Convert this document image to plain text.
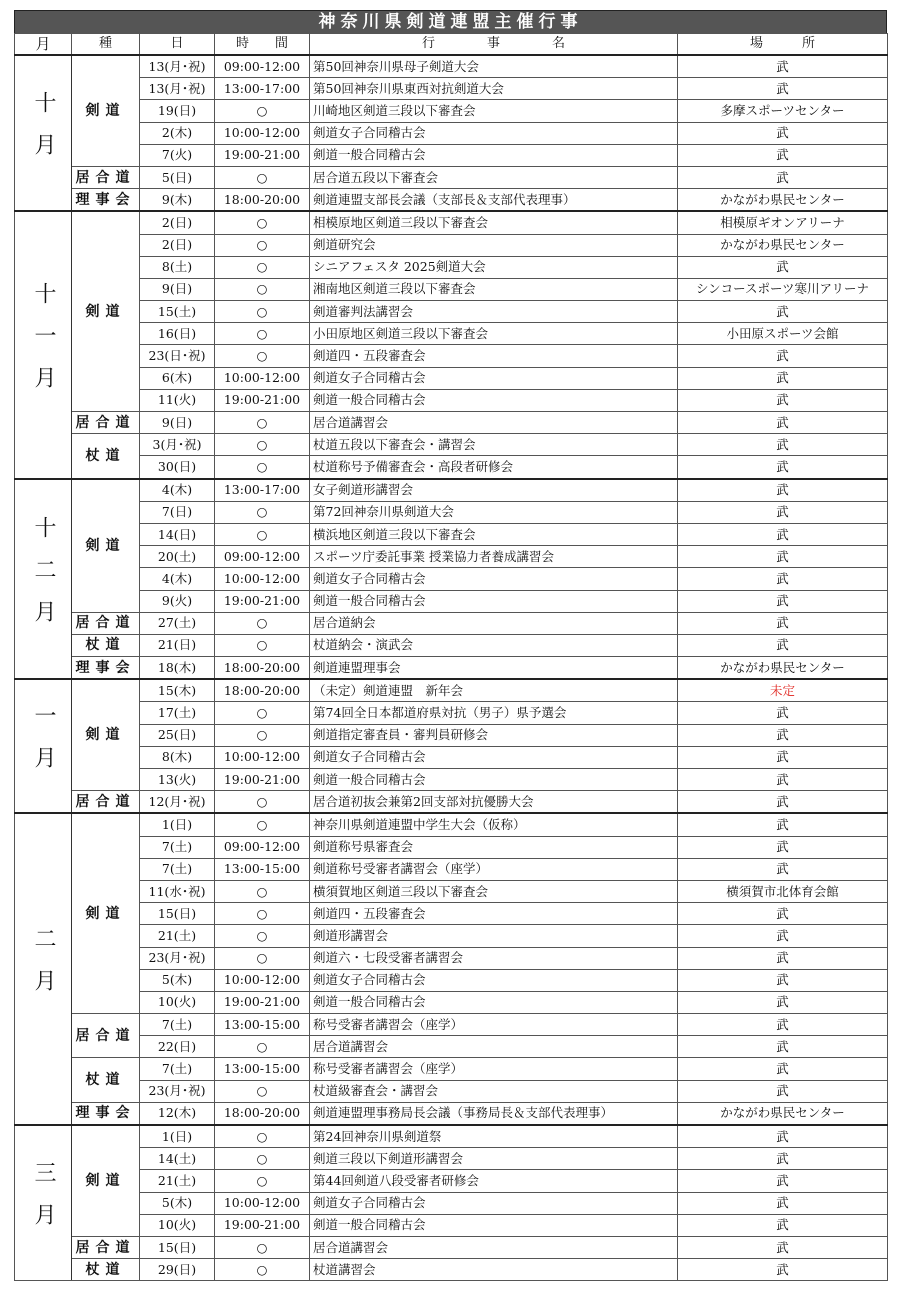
神奈川県剣道連盟主催行事
月	種	日	時　　間	行　　　　事　　　　名	場　　　所

十月	剣道	13(月･祝)	09:00-12:00	第50回神奈川県母子剣道大会	武
		13(月･祝)	13:00-17:00	第50回神奈川県東西対抗剣道大会	武
		19(日)	○	川崎地区剣道三段以下審査会	多摩スポーツセンター
		2(木)	10:00-12:00	剣道女子合同稽古会	武
		7(火)	19:00-21:00	剣道一般合同稽古会	武
	居合道	5(日)	○	居合道五段以下審査会	武
	理事会	9(木)	18:00-20:00	剣道連盟支部長会議（支部長＆支部代表理事）	かながわ県民センター

十一月	剣道	2(日)	○	相模原地区剣道三段以下審査会	相模原ギオンアリーナ
		2(日)	○	剣道研究会	かながわ県民センター
		8(土)	○	シニアフェスタ 2025剣道大会	武
		9(日)	○	湘南地区剣道三段以下審査会	シンコースポーツ寒川アリーナ
		15(土)	○	剣道審判法講習会	武
		16(日)	○	小田原地区剣道三段以下審査会	小田原スポーツ会館
		23(日･祝)	○	剣道四・五段審査会	武
		6(木)	10:00-12:00	剣道女子合同稽古会	武
		11(火)	19:00-21:00	剣道一般合同稽古会	武
	居合道	9(日)	○	居合道講習会	武
	杖道	3(月･祝)	○	杖道五段以下審査会・講習会	武
		30(日)	○	杖道称号予備審査会・高段者研修会	武

十二月	剣道	4(木)	13:00-17:00	女子剣道形講習会	武
		7(日)	○	第72回神奈川県剣道大会	武
		14(日)	○	横浜地区剣道三段以下審査会	武
		20(土)	09:00-12:00	スポーツ庁委託事業 授業協力者養成講習会	武
		4(木)	10:00-12:00	剣道女子合同稽古会	武
		9(火)	19:00-21:00	剣道一般合同稽古会	武
	居合道	27(土)	○	居合道納会	武
	杖道	21(日)	○	杖道納会・演武会	武
	理事会	18(木)	18:00-20:00	剣道連盟理事会	かながわ県民センター

一月	剣道	15(木)	18:00-20:00	（未定）剣道連盟　新年会	未定
		17(土)	○	第74回全日本都道府県対抗（男子）県予選会	武
		25(日)	○	剣道指定審査員・審判員研修会	武
		8(木)	10:00-12:00	剣道女子合同稽古会	武
		13(火)	19:00-21:00	剣道一般合同稽古会	武
	居合道	12(月･祝)	○	居合道初抜会兼第2回支部対抗優勝大会	武

二月	剣道	1(日)	○	神奈川県剣道連盟中学生大会（仮称）	武
		7(土)	09:00-12:00	剣道称号県審査会	武
		7(土)	13:00-15:00	剣道称号受審者講習会（座学）	武
		11(水･祝)	○	横須賀地区剣道三段以下審査会	横須賀市北体育会館
		15(日)	○	剣道四・五段審査会	武
		21(土)	○	剣道形講習会	武
		23(月･祝)	○	剣道六・七段受審者講習会	武
		5(木)	10:00-12:00	剣道女子合同稽古会	武
		10(火)	19:00-21:00	剣道一般合同稽古会	武
	居合道	7(土)	13:00-15:00	称号受審者講習会（座学）	武
		22(日)	○	居合道講習会	武
	杖道	7(土)	13:00-15:00	称号受審者講習会（座学）	武
		23(月･祝)	○	杖道級審査会・講習会	武
	理事会	12(木)	18:00-20:00	剣道連盟理事務局長会議（事務局長＆支部代表理事）	かながわ県民センター

三月	剣道	1(日)	○	第24回神奈川県剣道祭	武
		14(土)	○	剣道三段以下剣道形講習会	武
		21(土)	○	第44回剣道八段受審者研修会	武
		5(木)	10:00-12:00	剣道女子合同稽古会	武
		10(火)	19:00-21:00	剣道一般合同稽古会	武
	居合道	15(日)	○	居合道講習会	武
	杖道	29(日)	○	杖道講習会	武
